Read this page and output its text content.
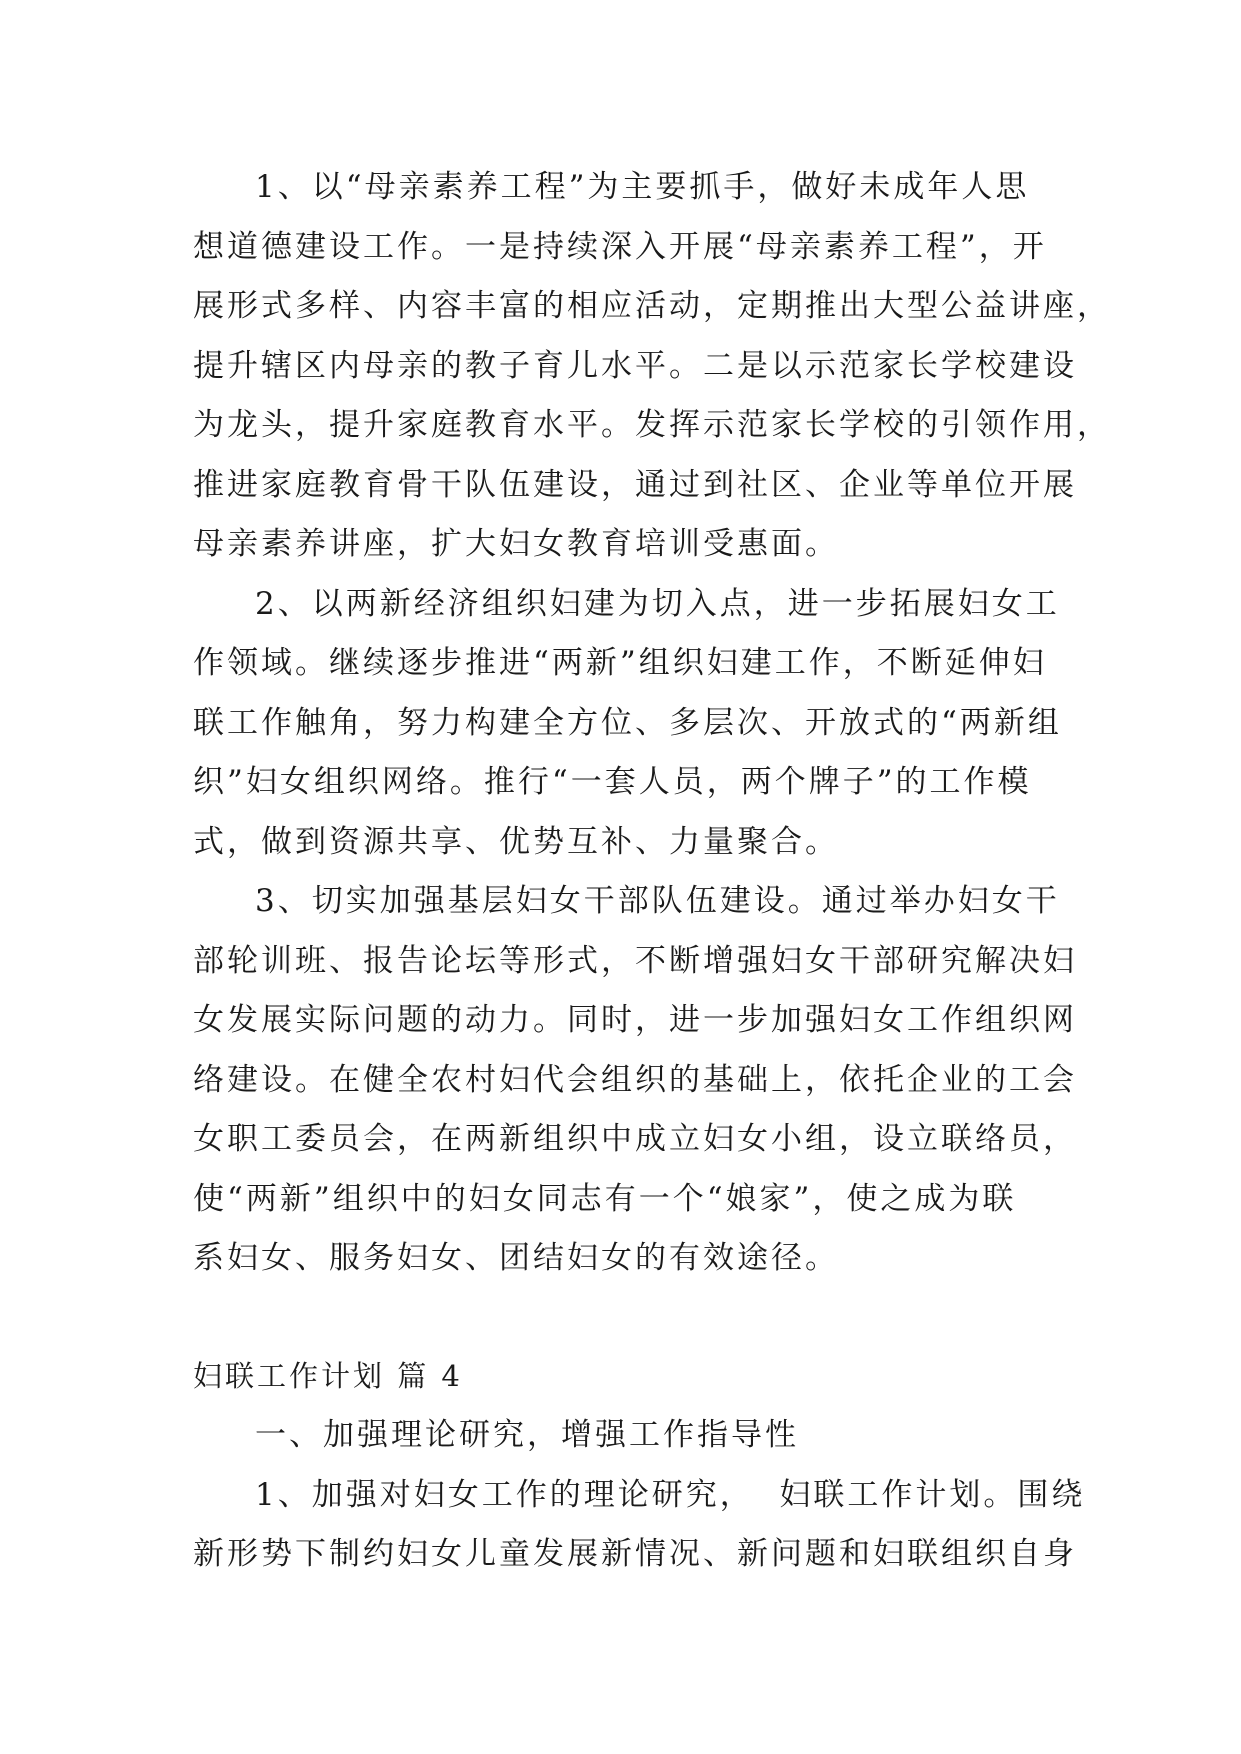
1、以“母亲素养工程”为主要抓手，做好未成年人思
想道德建设工作。一是持续深入开展“母亲素养工程”，开
展形式多样、内容丰富的相应活动，定期推出大型公益讲座，
提升辖区内母亲的教子育儿水平。二是以示范家长学校建设
为龙头，提升家庭教育水平。发挥示范家长学校的引领作用，
推进家庭教育骨干队伍建设，通过到社区、企业等单位开展
母亲素养讲座，扩大妇女教育培训受惠面。

2、以两新经济组织妇建为切入点，进一步拓展妇女工
作领域。继续逐步推进“两新”组织妇建工作，不断延伸妇
联工作触角，努力构建全方位、多层次、开放式的“两新组
织”妇女组织网络。推行“一套人员，两个牌子”的工作模
式，做到资源共享、优势互补、力量聚合。

3、切实加强基层妇女干部队伍建设。通过举办妇女干
部轮训班、报告论坛等形式，不断增强妇女干部研究解决妇
女发展实际问题的动力。同时，进一步加强妇女工作组织网
络建设。在健全农村妇代会组织的基础上，依托企业的工会
女职工委员会，在两新组织中成立妇女小组，设立联络员，
使“两新”组织中的妇女同志有一个“娘家”，使之成为联
系妇女、服务妇女、团结妇女的有效途径。

妇联工作计划 篇 4

一、加强理论研究，增强工作指导性

1、加强对妇女工作的理论研究，  妇联工作计划。围绕
新形势下制约妇女儿童发展新情况、新问题和妇联组织自身
